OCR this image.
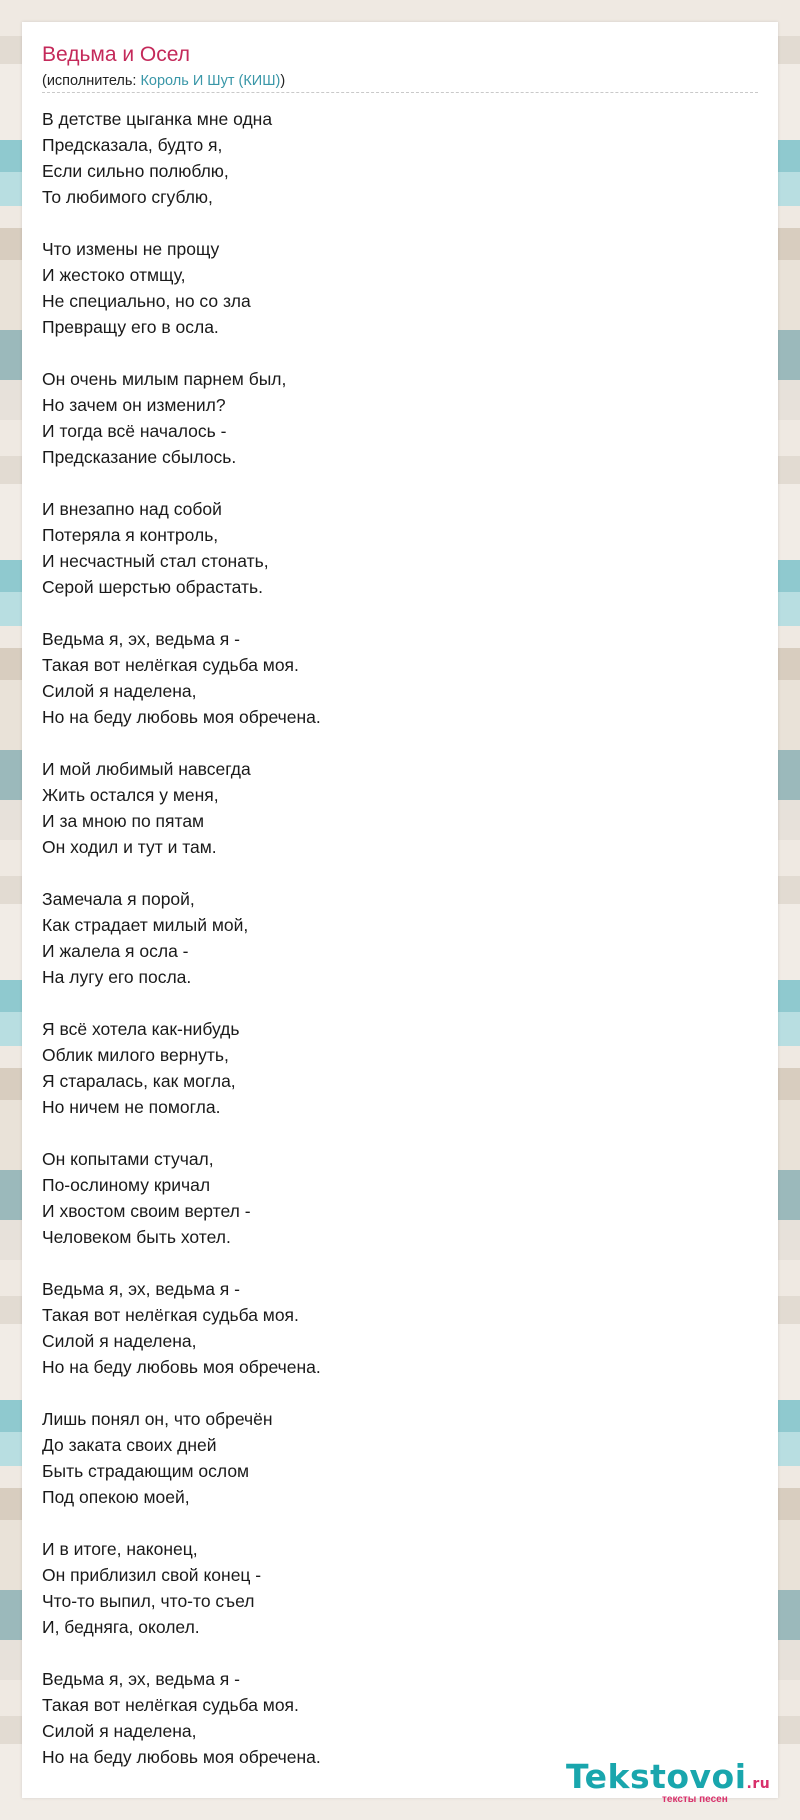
Ведьма и Осел
(исполнитель: Король И Шут (КИШ))
В детстве цыганка мне одна
Предсказала, будто я,
Если сильно полюблю,
То любимого сгублю,
Что измены не прощу
И жестоко отмщу,
Не специально, но со зла
Превращу его в осла.
Он очень милым парнем был,
Но зачем он изменил?
И тогда всё началось -
Предсказание сбылось.
И внезапно над собой
Потеряла я контроль,
И несчастный стал стонать,
Серой шерстью обрастать.
Ведьма я, эх, ведьма я -
Такая вот нелёгкая судьба моя.
Силой я наделена,
Но на беду любовь моя обречена.
И мой любимый навсегда
Жить остался у меня,
И за мною по пятам
Он ходил и тут и там.
Замечала я порой,
Как страдает милый мой,
И жалела я осла -
На лугу его посла.
Я всё хотела как-нибудь
Облик милого вернуть,
Я старалась, как могла,
Но ничем не помогла.
Он копытами стучал,
По-ослиному кричал
И хвостом своим вертел -
Человеком быть хотел.
Ведьма я, эх, ведьма я -
Такая вот нелёгкая судьба моя.
Силой я наделена,
Но на беду любовь моя обречена.
Лишь понял он, что обречён
До заката своих дней
Быть страдающим ослом
Под опекою моей,
И в итоге, наконец,
Он приблизил свой конец -
Что-то выпил, что-то съел
И, бедняга, околел.
Ведьма я, эх, ведьма я -
Такая вот нелёгкая судьба моя.
Силой я наделена,
Но на беду любовь моя обречена.	Tekstovoi.ru
тексты песен
